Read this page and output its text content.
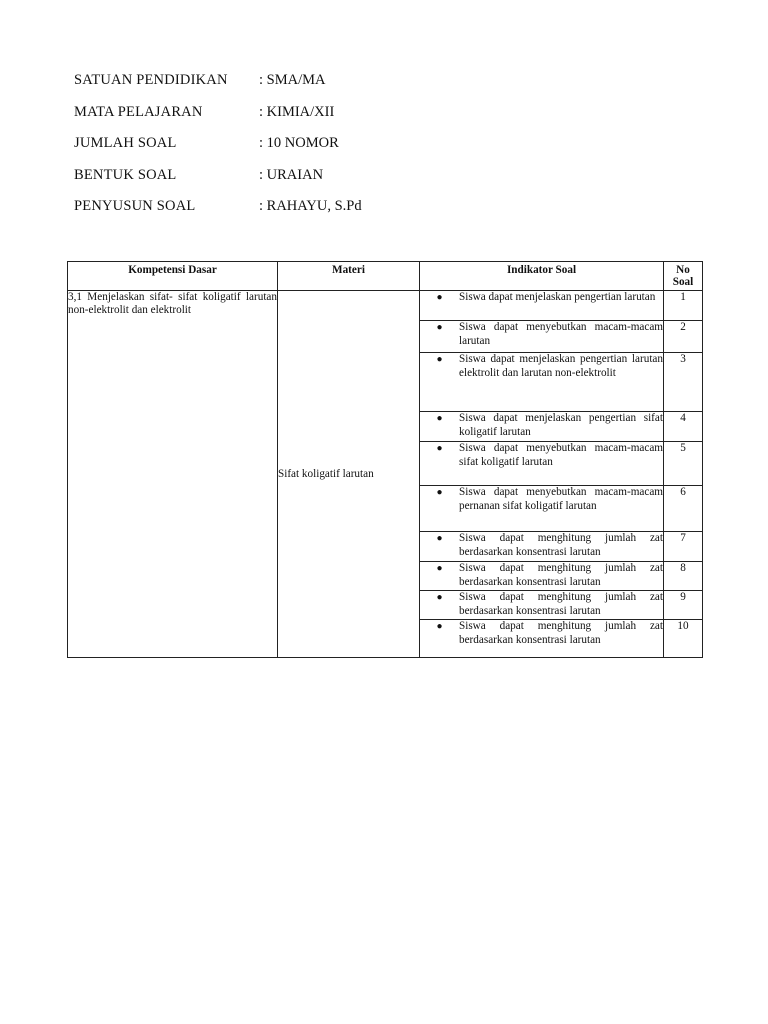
SATUAN PENDIDIKAN : SMA/MA
MATA PELAJARAN	: KIMIA/XII
JUMLAH SOAL	: 10 NOMOR
BENTUK SOAL	: URAIAN
PENYUSUN SOAL	: RAHAYU, S.Pd
Kompetensi Dasar	Materi	Indikator Soal	No
Soal
3,1 Menjelaskan sifat- sifat koligatif larutan non-elektrolit dan elektrolit	Sifat koligatif larutan	● Siswa dapat menjelaskan pengertian larutan	1

		● Siswa dapat menyebutkan macam-macam larutan	2

		● Siswa dapat menjelaskan pengertian larutan elektrolit dan larutan non-elektrolit	3

		● Siswa dapat menjelaskan pengertian sifat koligatif larutan	4

		● Siswa dapat menyebutkan macam-macam sifat koligatif larutan	5

		● Siswa dapat menyebutkan macam-macam pernanan sifat koligatif larutan	6

		● Siswa dapat menghitung jumlah zat berdasarkan konsentrasi larutan	7

		● Siswa dapat menghitung jumlah zat berdasarkan konsentrasi larutan	8

		● Siswa dapat menghitung jumlah zat berdasarkan konsentrasi larutan	9

		● Siswa dapat menghitung jumlah zat berdasarkan konsentrasi larutan	10
